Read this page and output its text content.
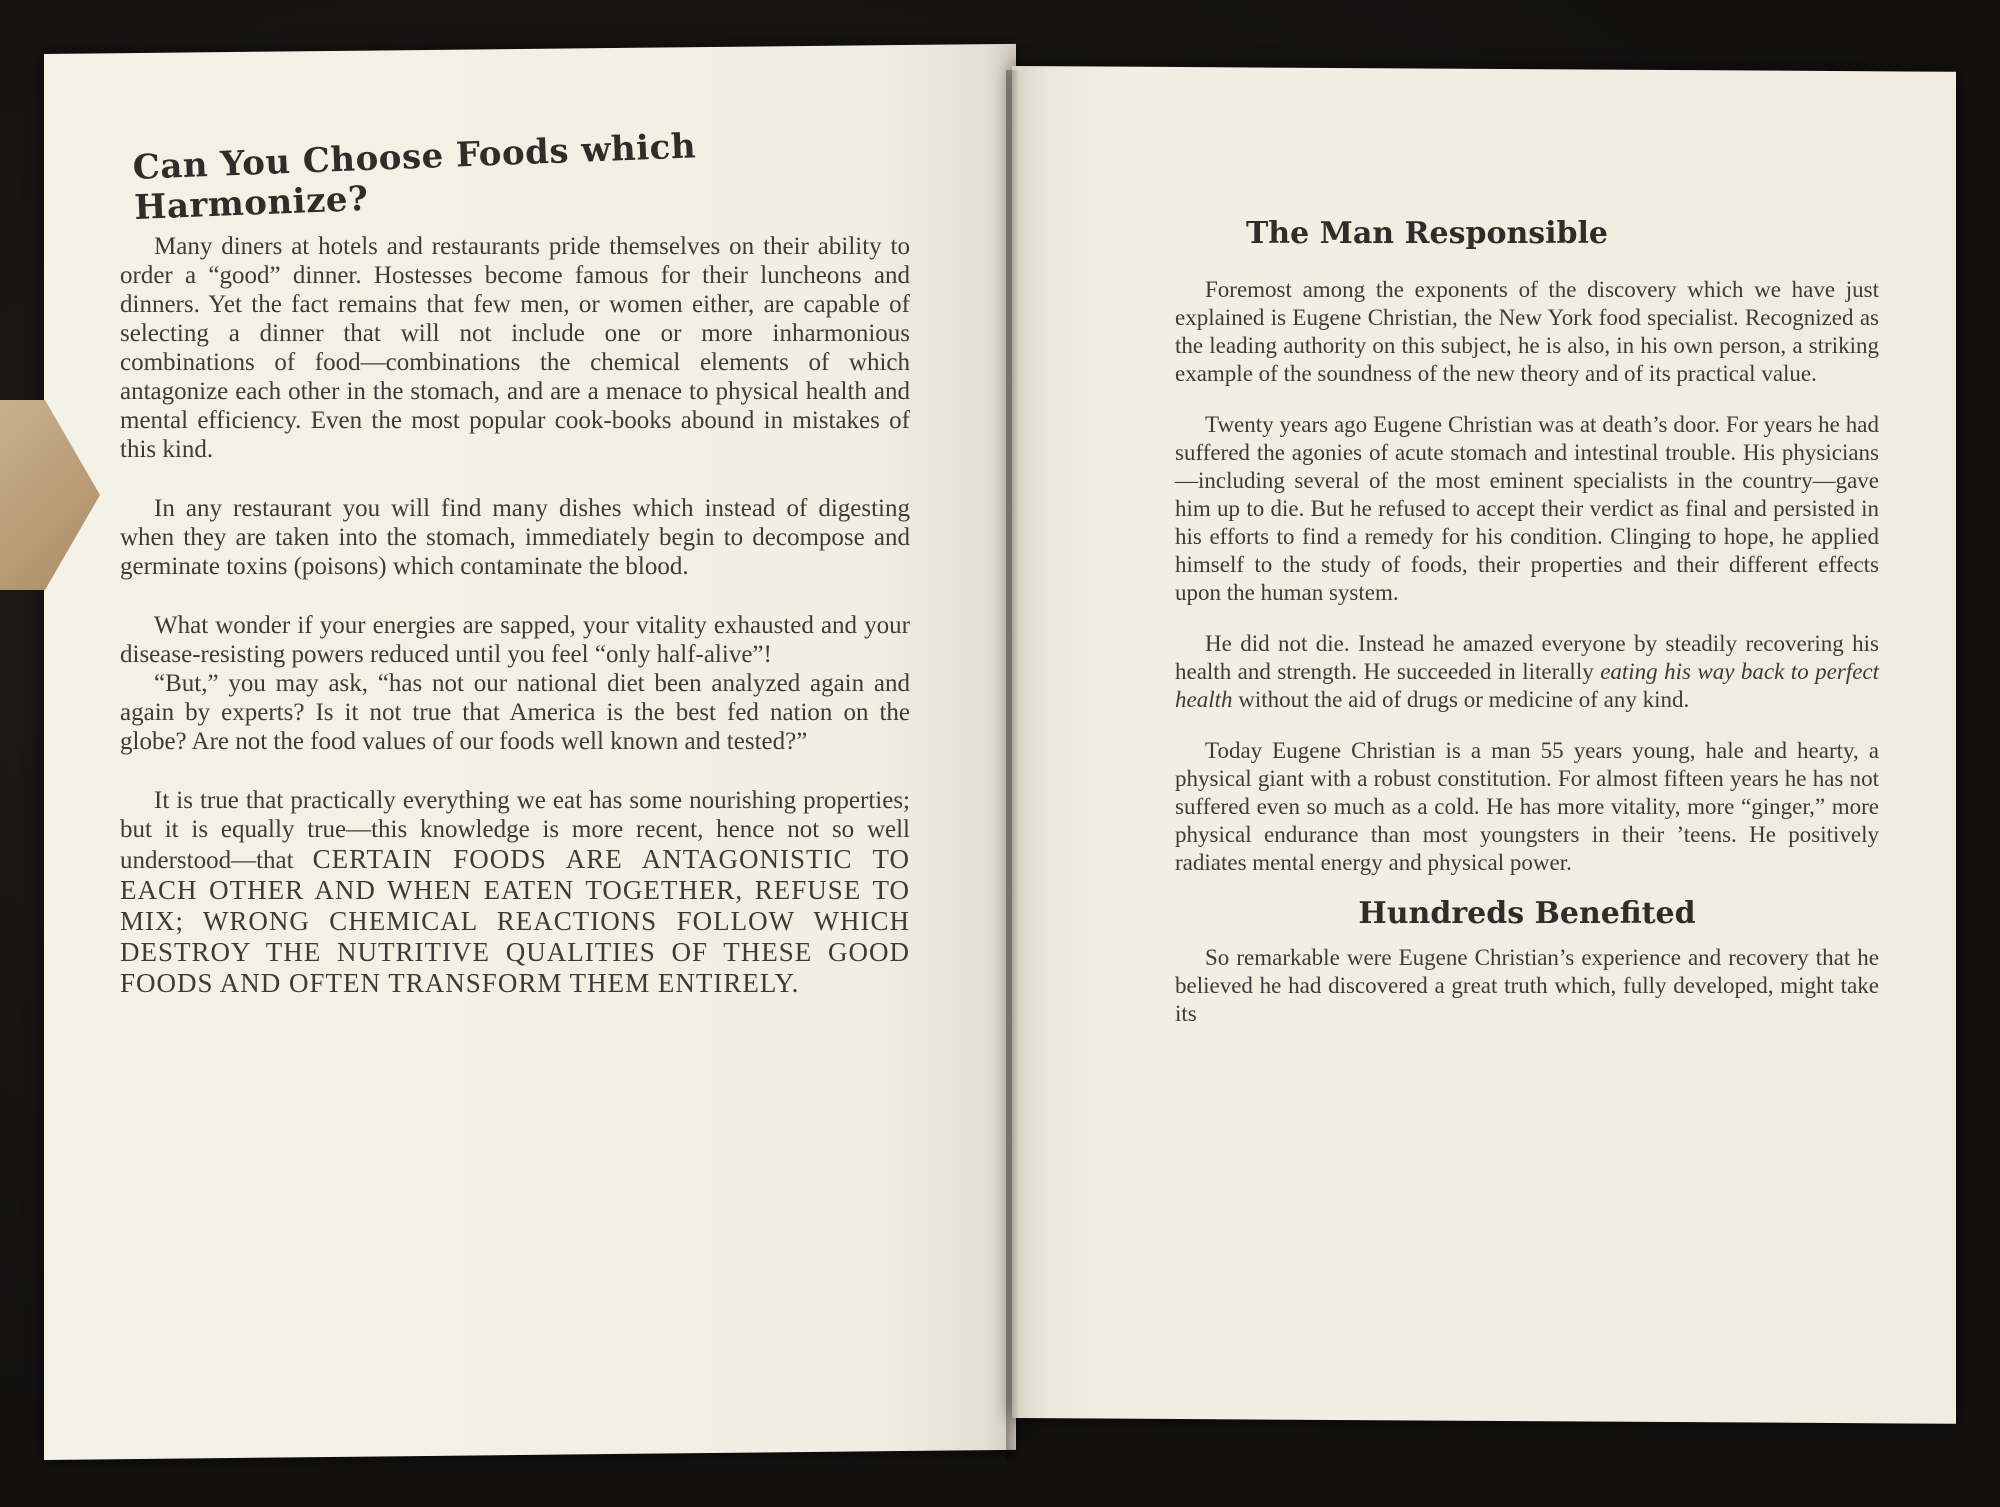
Can You Choose Foods which Harmonize?

Many diners at hotels and restaurants pride themselves on their ability to order a “good” dinner. Hostesses become famous for their luncheons and dinners. Yet the fact remains that few men, or women either, are capable of selecting a dinner that will not include one or more inharmonious combinations of food—combinations the chemical elements of which antagonize each other in the stomach, and are a menace to physical health and mental efficiency. Even the most popular cook-books abound in mistakes of this kind.

In any restaurant you will find many dishes which instead of digesting when they are taken into the stomach, immediately begin to decompose and germinate toxins (poisons) which contaminate the blood.

What wonder if your energies are sapped, your vitality exhausted and your disease-resisting powers reduced until you feel “only half-alive”!

“But,” you may ask, “has not our national diet been analyzed again and again by experts? Is it not true that America is the best fed nation on the globe? Are not the food values of our foods well known and tested?”

It is true that practically everything we eat has some nourishing properties; but it is equally true—this knowledge is more recent, hence not so well understood—that CERTAIN FOODS ARE ANTAGONISTIC TO EACH OTHER AND WHEN EATEN TOGETHER, REFUSE TO MIX; WRONG CHEMICAL REACTIONS FOLLOW WHICH DESTROY THE NUTRITIVE QUALITIES OF THESE GOOD FOODS AND OFTEN TRANSFORM THEM ENTIRELY.

The Man Responsible

Foremost among the exponents of the discovery which we have just explained is Eugene Christian, the New York food specialist. Recognized as the leading authority on this subject, he is also, in his own person, a striking example of the soundness of the new theory and of its practical value.

Twenty years ago Eugene Christian was at death’s door. For years he had suffered the agonies of acute stomach and intestinal trouble. His physicians—including several of the most eminent specialists in the country—gave him up to die. But he refused to accept their verdict as final and persisted in his efforts to find a remedy for his condition. Clinging to hope, he applied himself to the study of foods, their properties and their different effects upon the human system.

He did not die. Instead he amazed everyone by steadily recovering his health and strength. He succeeded in literally eating his way back to perfect health without the aid of drugs or medicine of any kind.

Today Eugene Christian is a man 55 years young, hale and hearty, a physical giant with a robust constitution. For almost fifteen years he has not suffered even so much as a cold. He has more vitality, more “ginger,” more physical endurance than most youngsters in their ’teens. He positively radiates mental energy and physical power.

Hundreds Benefited

So remarkable were Eugene Christian’s experience and recovery that he believed he had discovered a great truth which, fully developed, might take its
